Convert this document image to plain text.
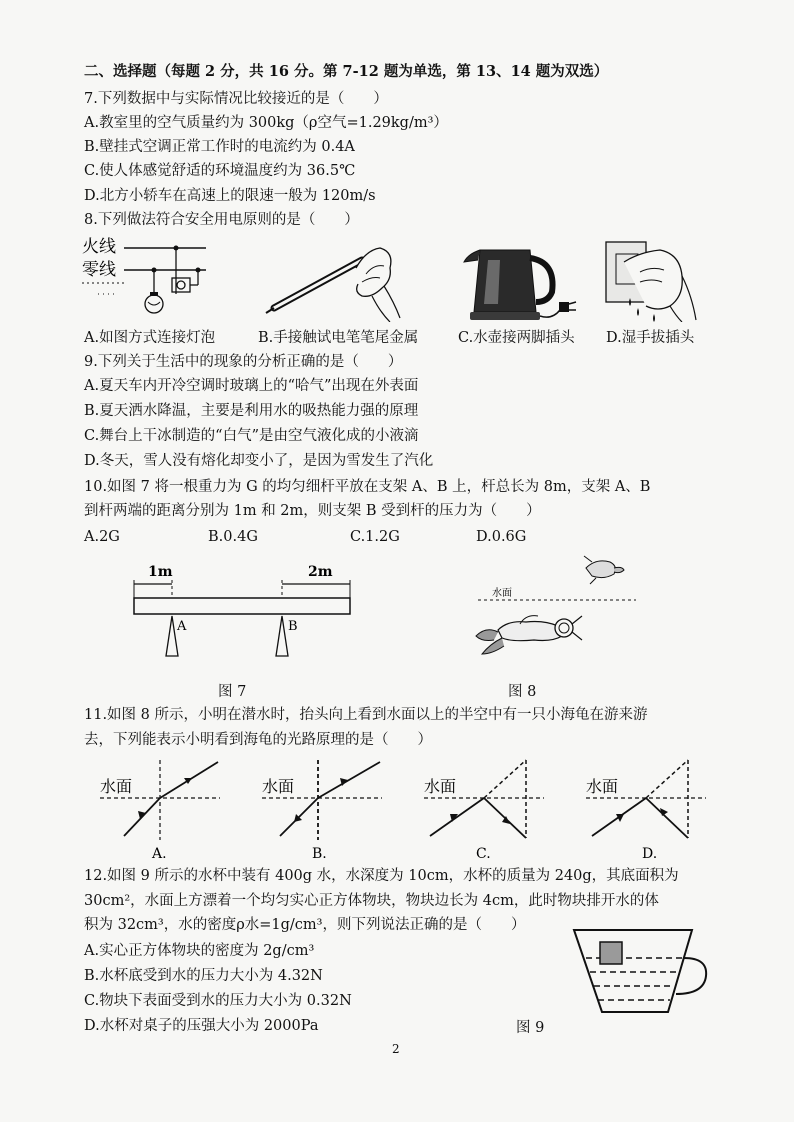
二、选择题（每题 2 分，共 16 分。第 7-12 题为单选，第 13、14 题为双选）
7.下列数据中与实际情况比较接近的是（　　）
A.教室里的空气质量约为 300kg（ρ空气=1.29kg/m³）
B.壁挂式空调正常工作时的电流约为 0.4A
C.使人体感觉舒适的环境温度约为 36.5℃
D.北方小轿车在高速上的限速一般为 120m/s
8.下列做法符合安全用电原则的是（　　）
火线
零线
A.如图方式连接灯泡	B.手接触试电笔笔尾金属	C.水壶接两脚插头 D.湿手拔插头
9.下列关于生活中的现象的分析正确的是（　　）
A.夏天车内开冷空调时玻璃上的“哈气”出现在外表面
B.夏天洒水降温，主要是利用水的吸热能力强的原理
C.舞台上干冰制造的“白气”是由空气液化成的小液滴
D.冬天，雪人没有熔化却变小了，是因为雪发生了汽化
10.如图 7 将一根重力为 G 的均匀细杆平放在支架 A、B 上，杆总长为 8m，支架 A、B
到杆两端的距离分别为 1m 和 2m，则支架 B 受到杆的压力为（　　）
A.2G	B.0.4G	C.1.2G	D.0.6G
1m	2m
A	B
图 7
水面
图 8
11.如图 8 所示，小明在潜水时，抬头向上看到水面以上的半空中有一只小海龟在游来游
去，下列能表示小明看到海龟的光路原理的是（　　）
水面
A.
水面
B.
水面
C.
水面
D.
12.如图 9 所示的水杯中装有 400g 水，水深度为 10cm，水杯的质量为 240g，其底面积为
30cm²，水面上方漂着一个均匀实心正方体物块，物块边长为 4cm，此时物块排开水的体
积为 32cm³，水的密度ρ水=1g/cm³，则下列说法正确的是（　　）
A.实心正方体物块的密度为 2g/cm³
B.水杯底受到水的压力大小为 4.32N
C.物块下表面受到水的压力大小为 0.32N
D.水杯对桌子的压强大小为 2000Pa	图 9
2
